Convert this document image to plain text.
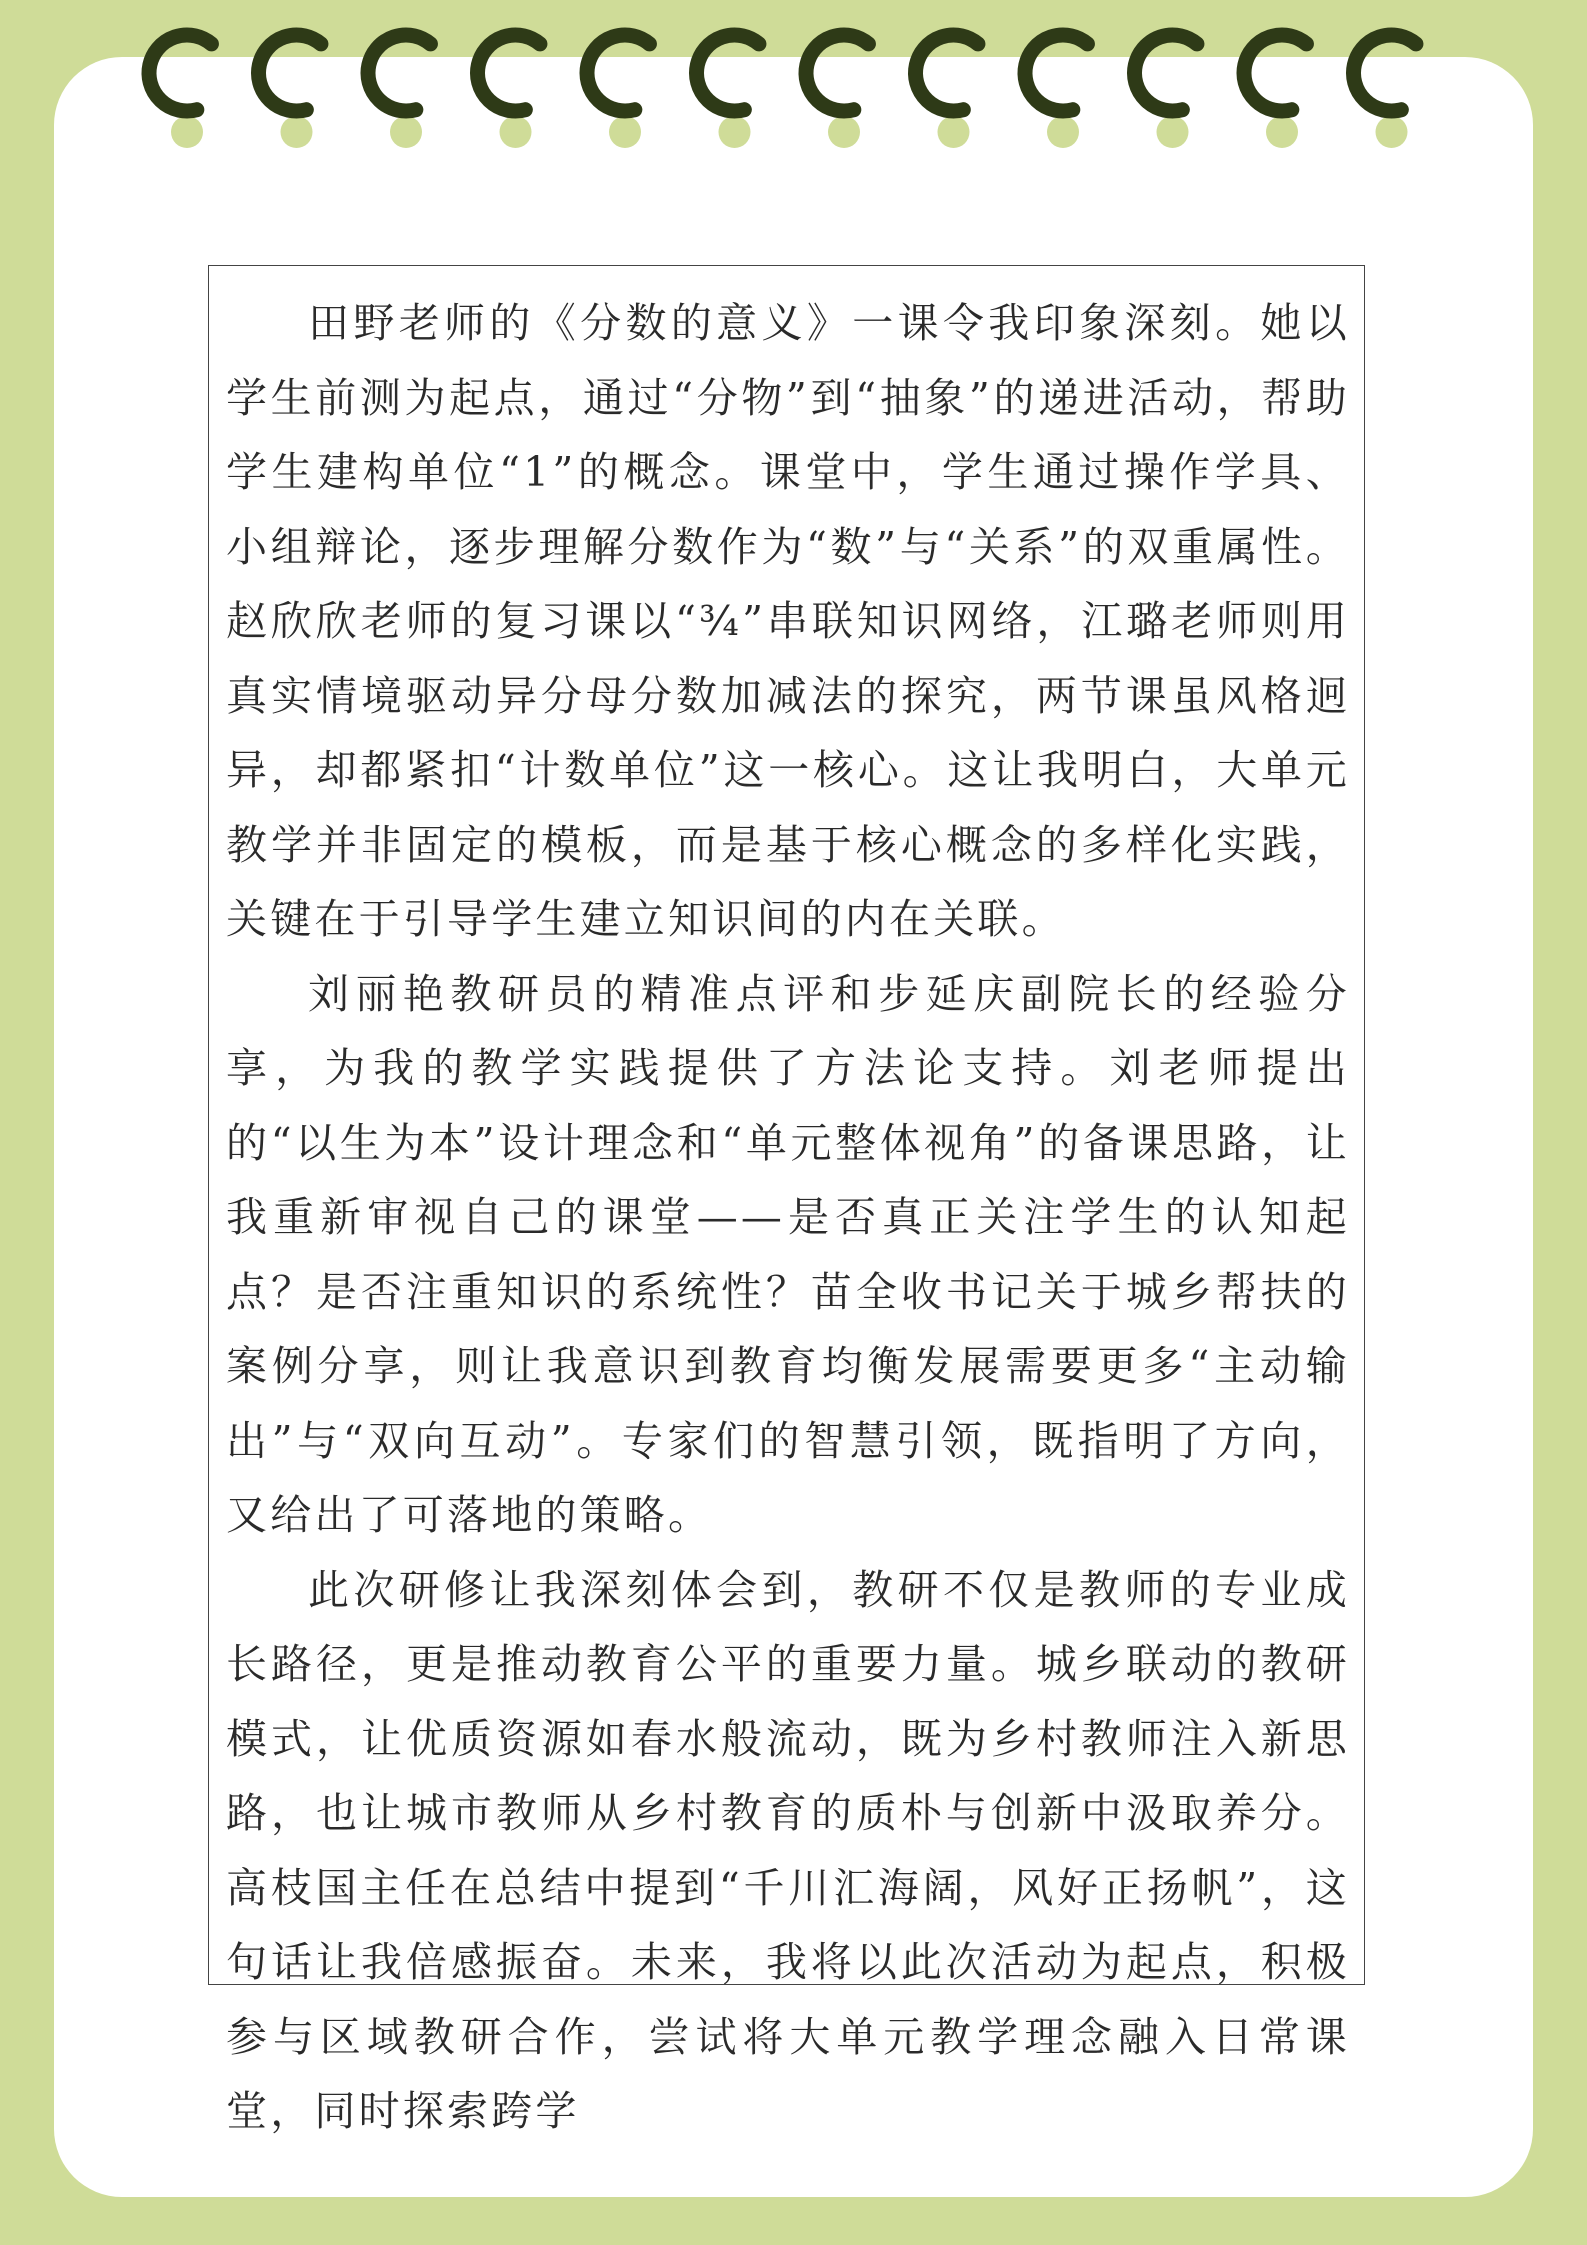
田野老师的《分数的意义》一课令我印象深刻。她以学生前测为起点，通过“分物”到“抽象”的递进活动，帮助学生建构单位“1”的概念。课堂中，学生通过操作学具、小组辩论，逐步理解分数作为“数”与“关系”的双重属性。赵欣欣老师的复习课以“¾”串联知识网络，江璐老师则用真实情境驱动异分母分数加减法的探究，两节课虽风格迥异，却都紧扣“计数单位”这一核心。这让我明白，大单元教学并非固定的模板，而是基于核心概念的多样化实践，关键在于引导学生建立知识间的内在关联。

刘丽艳教研员的精准点评和步延庆副院长的经验分享，为我的教学实践提供了方法论支持。刘老师提出的“以生为本”设计理念和“单元整体视角”的备课思路，让我重新审视自己的课堂——是否真正关注学生的认知起点？是否注重知识的系统性？苗全收书记关于城乡帮扶的案例分享，则让我意识到教育均衡发展需要更多“主动输出”与“双向互动”。专家们的智慧引领，既指明了方向，又给出了可落地的策略。

此次研修让我深刻体会到，教研不仅是教师的专业成长路径，更是推动教育公平的重要力量。城乡联动的教研模式，让优质资源如春水般流动，既为乡村教师注入新思路，也让城市教师从乡村教育的质朴与创新中汲取养分。高枝国主任在总结中提到“千川汇海阔，风好正扬帆”，这句话让我倍感振奋。未来，我将以此次活动为起点，积极参与区域教研合作，尝试将大单元教学理念融入日常课堂，同时探索跨学
